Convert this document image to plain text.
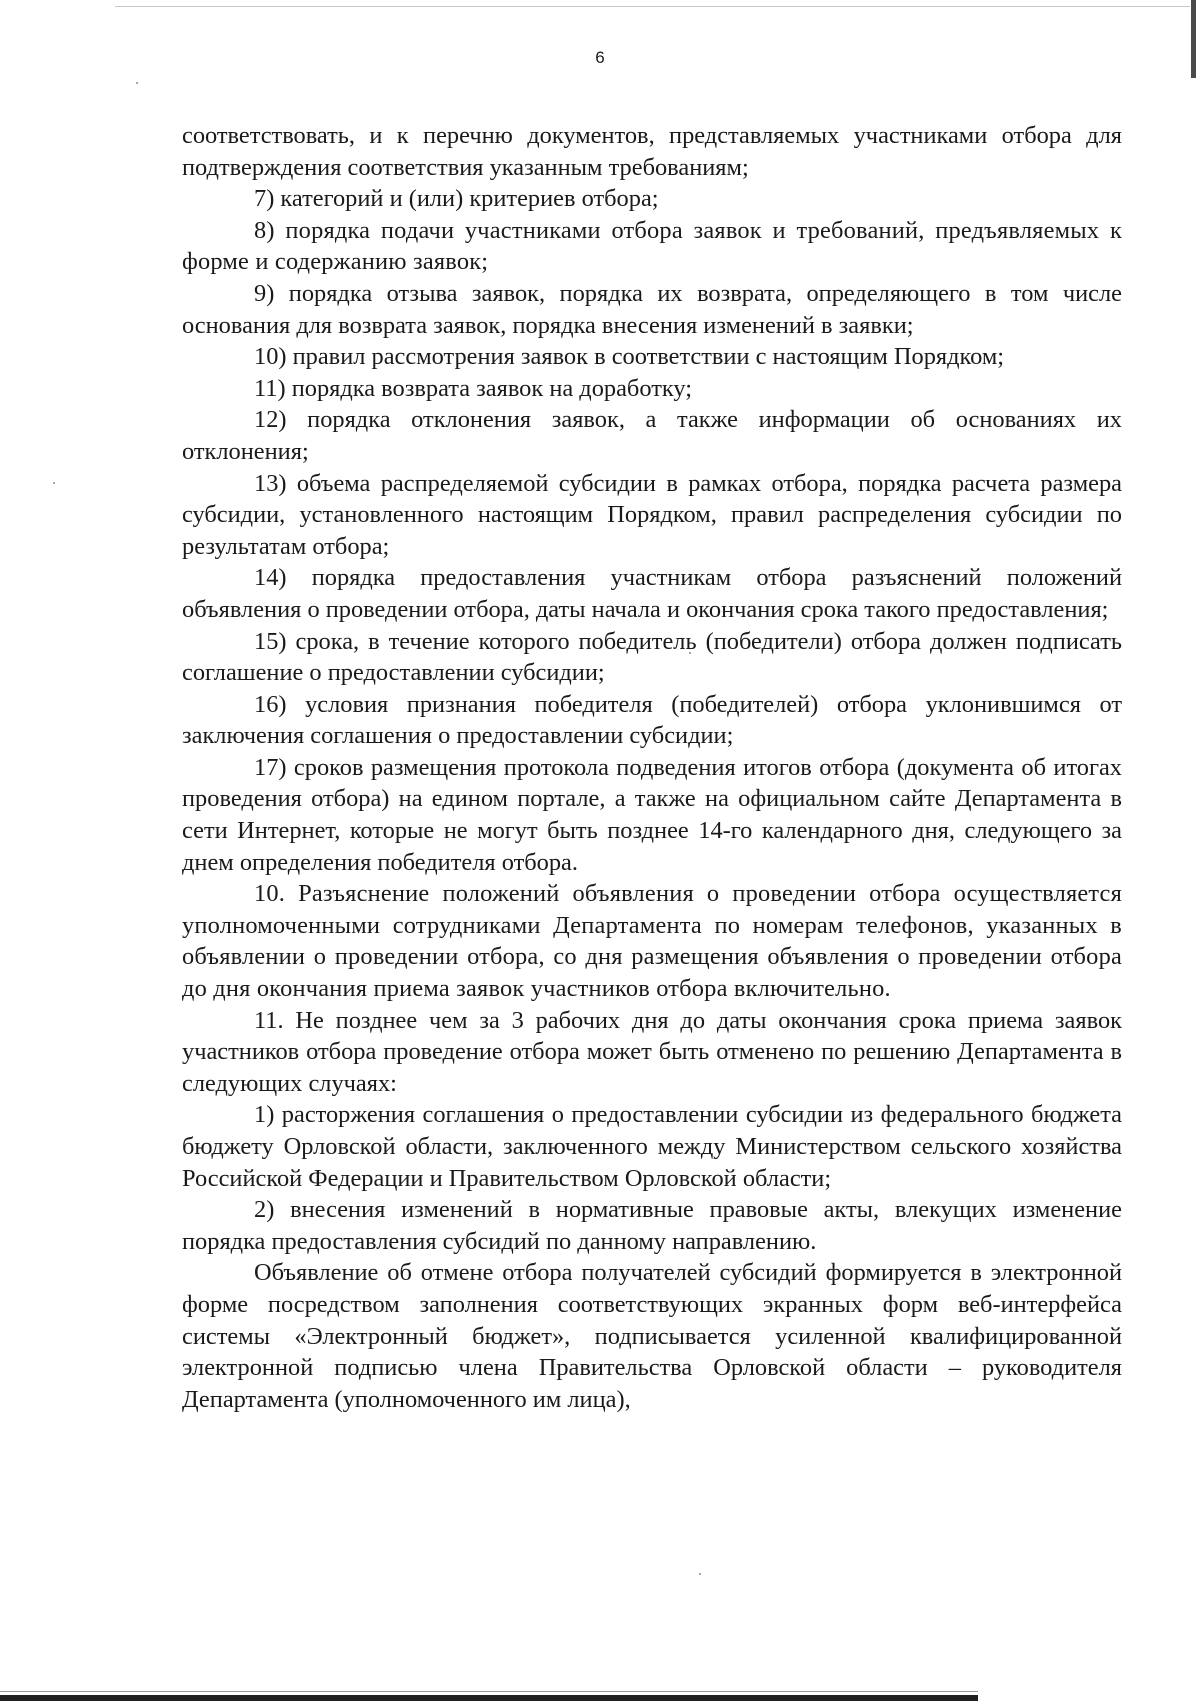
6

соответствовать, и к перечню документов, представляемых участниками отбора для подтверждения соответствия указанным требованиям;

7) категорий и (или) критериев отбора;

8) порядка подачи участниками отбора заявок и требований, предъявляемых к форме и содержанию заявок;

9) порядка отзыва заявок, порядка их возврата, определяющего в том числе основания для возврата заявок, порядка внесения изменений в заявки;

10) правил рассмотрения заявок в соответствии с настоящим Порядком;

11) порядка возврата заявок на доработку;

12) порядка отклонения заявок, а также информации об основаниях их отклонения;

13) объема распределяемой субсидии в рамках отбора, порядка расчета размера субсидии, установленного настоящим Порядком, правил распределения субсидии по результатам отбора;

14) порядка предоставления участникам отбора разъяснений положений объявления о проведении отбора, даты начала и окончания срока такого предоставления;

15) срока, в течение которого победитель (победители) отбора должен подписать соглашение о предоставлении субсидии;

16) условия признания победителя (победителей) отбора уклонившимся от заключения соглашения о предоставлении субсидии;

17) сроков размещения протокола подведения итогов отбора (документа об итогах проведения отбора) на едином портале, а также на официальном сайте Департамента в сети Интернет, которые не могут быть позднее 14-го календарного дня, следующего за днем определения победителя отбора.

10. Разъяснение положений объявления о проведении отбора осуществляется уполномоченными сотрудниками Департамента по номерам телефонов, указанных в объявлении о проведении отбора, со дня размещения объявления о проведении отбора до дня окончания приема заявок участников отбора включительно.

11. Не позднее чем за 3 рабочих дня до даты окончания срока приема заявок участников отбора проведение отбора может быть отменено по решению Департамента в следующих случаях:

1) расторжения соглашения о предоставлении субсидии из федерального бюджета бюджету Орловской области, заключенного между Министерством сельского хозяйства Российской Федерации и Правительством Орловской области;

2) внесения изменений в нормативные правовые акты, влекущих изменение порядка предоставления субсидий по данному направлению.

Объявление об отмене отбора получателей субсидий формируется в электронной форме посредством заполнения соответствующих экранных форм веб-интерфейса системы «Электронный бюджет», подписывается усиленной квалифицированной электронной подписью члена Правительства Орловской области – руководителя Департамента (уполномоченного им лица),
